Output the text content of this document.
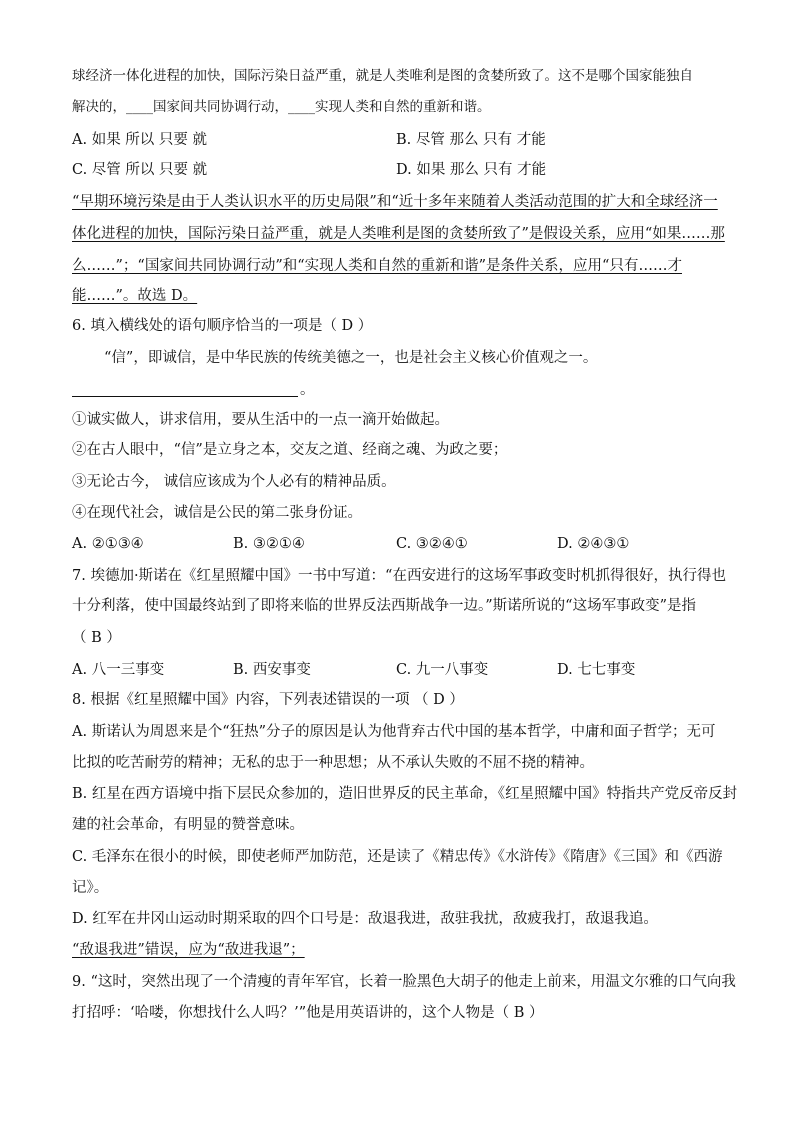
球经济一体化进程的加快，国际污染日益严重，就是人类唯利是图的贪婪所致了。这不是哪个国家能独自
解决的，____国家间共同协调行动，____实现人类和自然的重新和谐。
A. 如果 所以 只要 就	B. 尽管 那么 只有 才能
C. 尽管 所以 只要 就	D. 如果 那么 只有 才能
“早期环境污染是由于人类认识水平的历史局限”和“近十多年来随着人类活动范围的扩大和全球经济一
体化进程的加快，国际污染日益严重，就是人类唯利是图的贪婪所致了”是假设关系，应用“如果……那
么……”；“国家间共同协调行动”和“实现人类和自然的重新和谐”是条件关系，应用“只有……才
能……”。故选 D。
6. 填入横线处的语句顺序恰当的一项是（ D ）
“信”，即诚信，是中华民族的传统美德之一，也是社会主义核心价值观之一。
。
①诚实做人，讲求信用，要从生活中的一点一滴开始做起。
②在古人眼中，“信”是立身之本，交友之道、经商之魂、为政之要；
③无论古今， 诚信应该成为个人必有的精神品质。
④在现代社会，诚信是公民的第二张身份证。
A. ②①③④	B. ③②①④	C. ③②④①	D. ②④③①
7. 埃德加·斯诺在《红星照耀中国》一书中写道：“在西安进行的这场军事政变时机抓得很好，执行得也
十分利落，使中国最终站到了即将来临的世界反法西斯战争一边。”斯诺所说的“这场军事政变”是指
（ B ）
A. 八一三事变	B. 西安事变	C. 九一八事变	D. 七七事变
8. 根据《红星照耀中国》内容，下列表述错误的一项 （ D ）
A. 斯诺认为周恩来是个“狂热”分子的原因是认为他背弃古代中国的基本哲学，中庸和面子哲学；无可
比拟的吃苦耐劳的精神；无私的忠于一种思想；从不承认失败的不屈不挠的精神。
B. 红星在西方语境中指下层民众参加的，造旧世界反的民主革命，《红星照耀中国》特指共产党反帝反封
建的社会革命，有明显的赞誉意味。
C. 毛泽东在很小的时候，即使老师严加防范，还是读了《精忠传》《水浒传》《隋唐》《三国》和《西游
记》。
D. 红军在井冈山运动时期采取的四个口号是：敌退我进，敌驻我扰，敌疲我打，敌退我追。
“敌退我进”错误，应为“敌进我退”；
9. “这时，突然出现了一个清瘦的青年军官，长着一脸黑色大胡子的他走上前来，用温文尔雅的口气向我
打招呼：‘哈喽，你想找什么人吗？’”他是用英语讲的，这个人物是（ B ）
